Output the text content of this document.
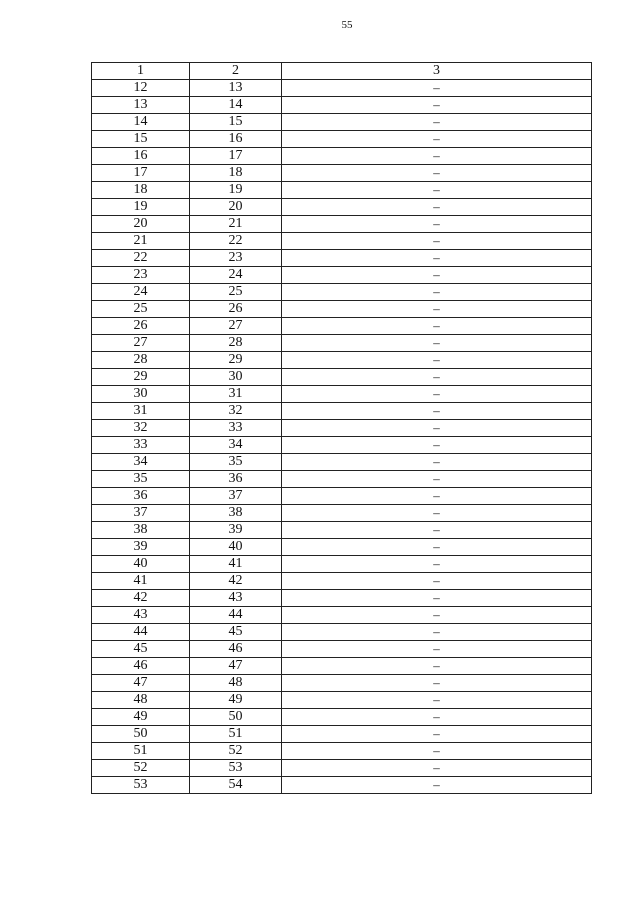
55
1	2	3
12	13	–
13	14	–
14	15	–
15	16	–
16	17	–
17	18	–
18	19	–
19	20	–
20	21	–
21	22	–
22	23	–
23	24	–
24	25	–
25	26	–
26	27	–
27	28	–
28	29	–
29	30	–
30	31	–
31	32	–
32	33	–
33	34	–
34	35	–
35	36	–
36	37	–
37	38	–
38	39	–
39	40	–
40	41	–
41	42	–
42	43	–
43	44	–
44	45	–
45	46	–
46	47	–
47	48	–
48	49	–
49	50	–
50	51	–
51	52	–
52	53	–
53	54	–
